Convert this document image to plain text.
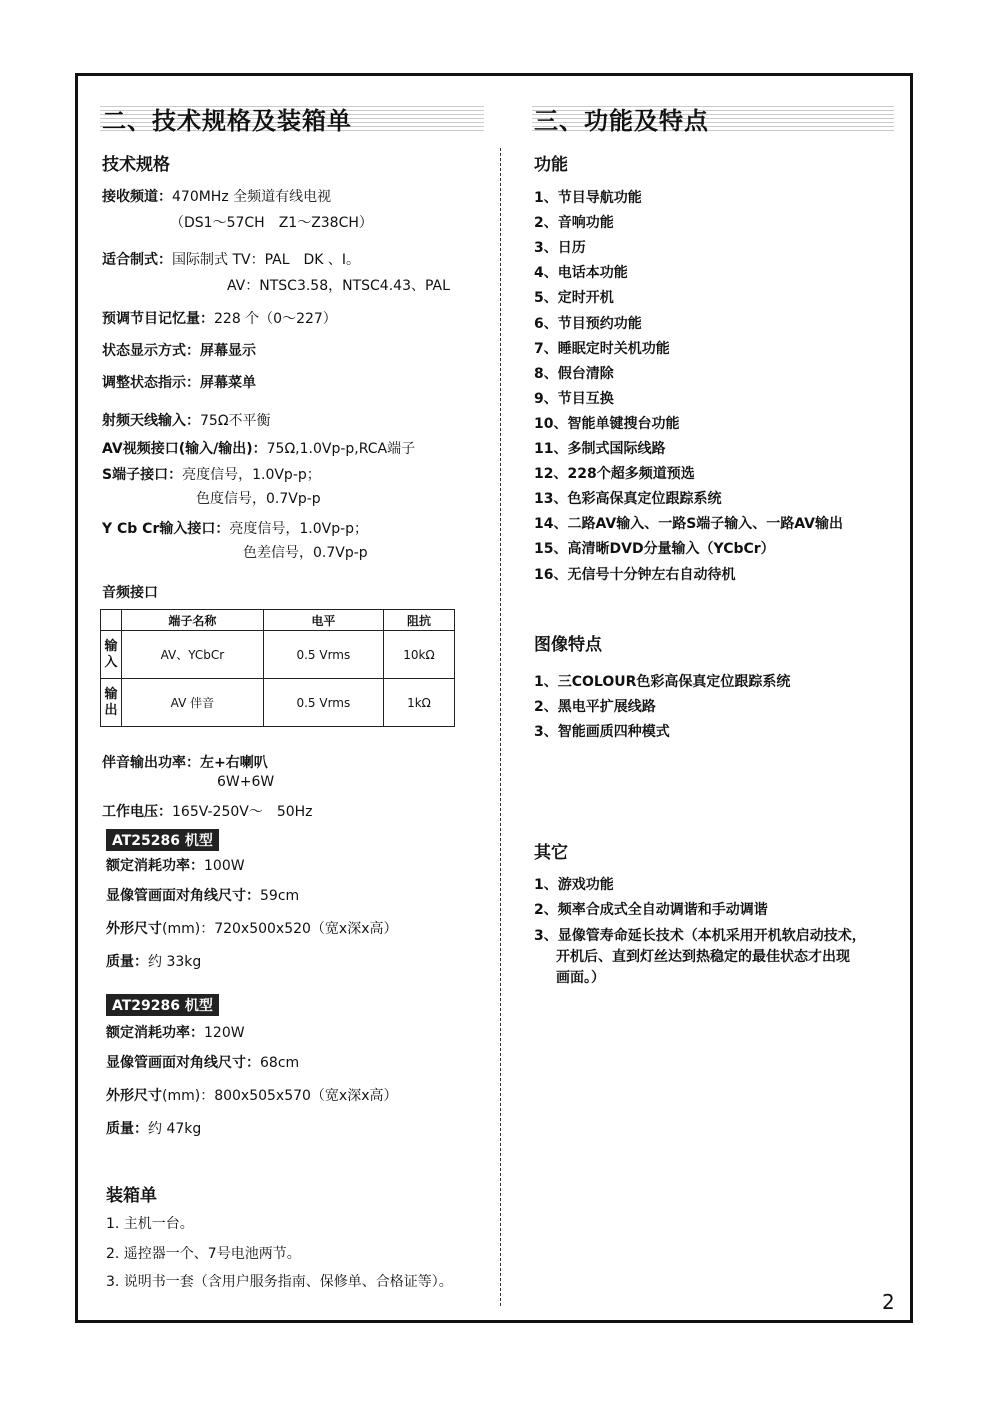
二、技术规格及装箱单	三、功能及特点
技术规格
接收频道：470MHz 全频道有线电视
（DS1～57CH　Z1～Z38CH）
适合制式：国际制式 TV：PAL　DK 、I。
AV：NTSC3.58，NTSC4.43、PAL
预调节目记忆量：228 个（0～227）
状态显示方式：屏幕显示
调整状态指示：屏幕菜单
射频天线输入：75Ω不平衡
AV视频接口(输入/输出)：75Ω,1.0Vp-p,RCA端子
S端子接口：亮度信号，1.0Vp-p；
色度信号，0.7Vp-p
Y Cb Cr输入接口：亮度信号，1.0Vp-p；
色差信号，0.7Vp-p
音频接口
	端子名称	电平	阻抗
输入	AV、YCbCr	0.5 Vrms	10kΩ
输出	AV 伴音	0.5 Vrms	1kΩ
伴音输出功率：左+右喇叭
6W+6W
工作电压：165V-250V～　50Hz
AT25286 机型
额定消耗功率：100W
显像管画面对角线尺寸：59cm
外形尺寸(mm)：720x500x520（宽x深x高）
质量：约 33kg
AT29286 机型
额定消耗功率：120W
显像管画面对角线尺寸：68cm
外形尺寸(mm)：800x505x570（宽x深x高）
质量：约 47kg
装箱单
1. 主机一台。
2. 遥控器一个、7号电池两节。
3. 说明书一套（含用户服务指南、保修单、合格证等）。
功能
1、节目导航功能
2、音响功能
3、日历
4、电话本功能
5、定时开机
6、节目预约功能
7、睡眠定时关机功能
8、假台清除
9、节目互换
10、智能单键搜台功能
11、多制式国际线路
12、228个超多频道预选
13、色彩高保真定位跟踪系统
14、二路AV输入、一路S端子输入、一路AV输出
15、高清晰DVD分量输入（YCbCr）
16、无信号十分钟左右自动待机
图像特点
1、三COLOUR色彩高保真定位跟踪系统
2、黑电平扩展线路
3、智能画质四种模式
其它
1、游戏功能
2、频率合成式全自动调谐和手动调谐
3、显像管寿命延长技术（本机采用开机软启动技术，
开机后、直到灯丝达到热稳定的最佳状态才出现
画面。）
2
